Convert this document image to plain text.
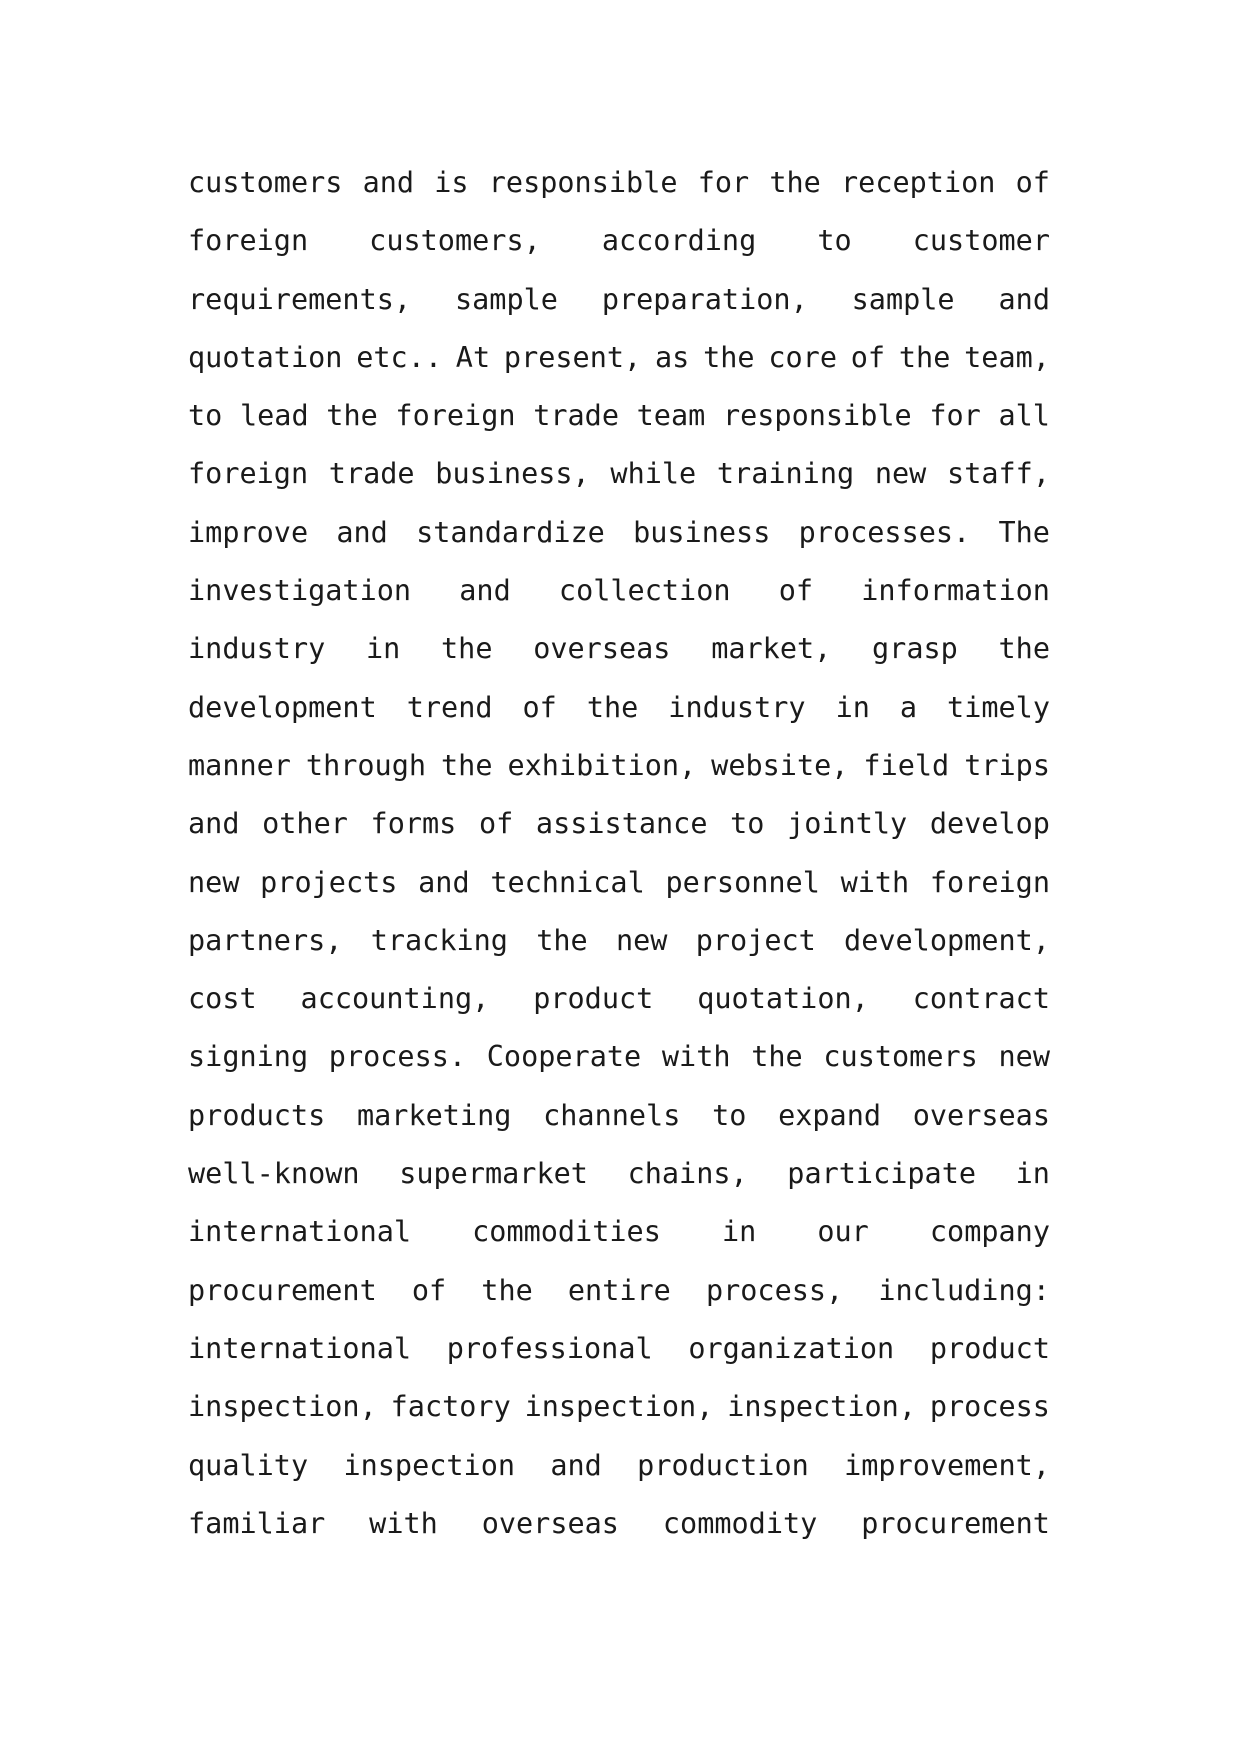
customers and is responsible for the reception of
foreign customers, according to customer
requirements, sample preparation, sample and
quotation etc.. At present, as the core of the team,
to lead the foreign trade team responsible for all
foreign trade business, while training new staff,
improve and standardize business processes. The
investigation and collection of information
industry in the overseas market, grasp the
development trend of the industry in a timely
manner through the exhibition, website, field trips
and other forms of assistance to jointly develop
new projects and technical personnel with foreign
partners, tracking the new project development,
cost accounting, product quotation, contract
signing process. Cooperate with the customers new
products marketing channels to expand overseas
well-known supermarket chains, participate in
international commodities in our company
procurement of the entire process, including:
international professional organization product
inspection, factory inspection, inspection, process
quality inspection and production improvement,
familiar with overseas commodity procurement
